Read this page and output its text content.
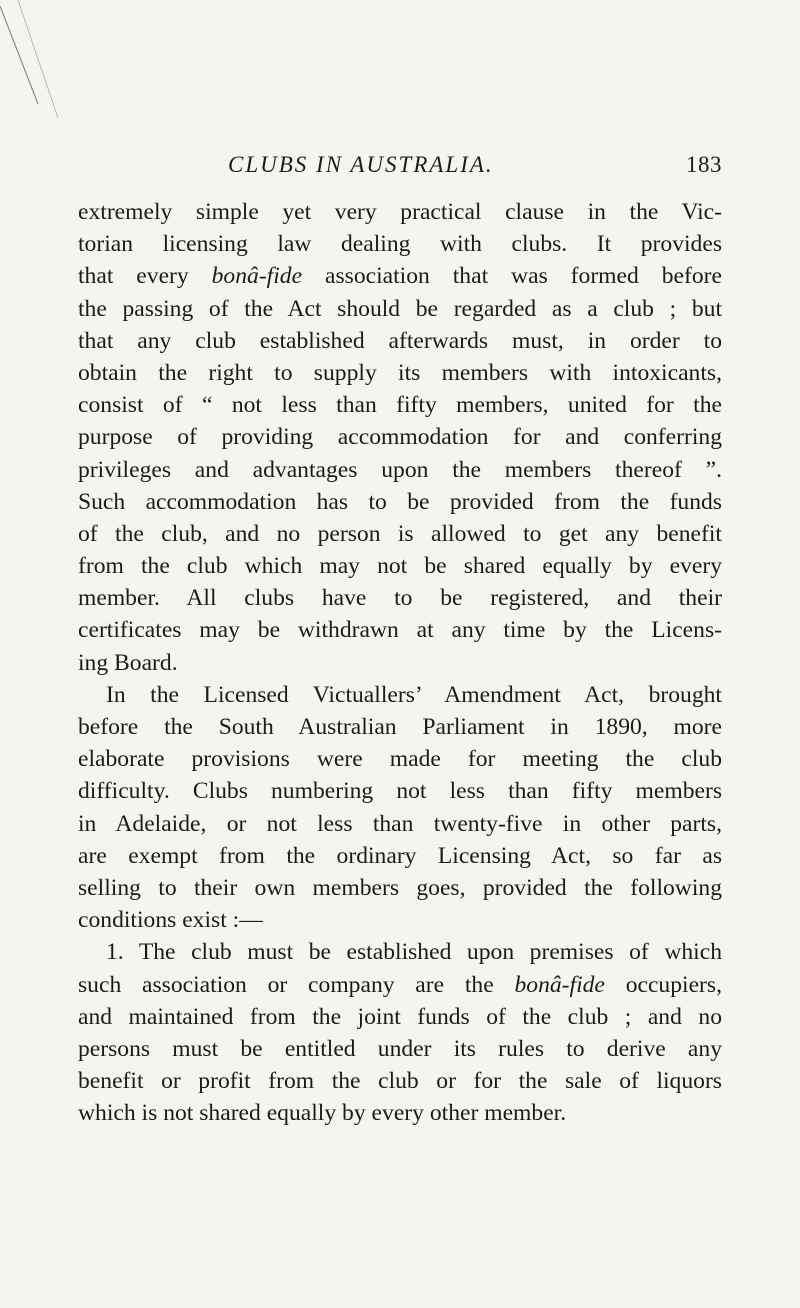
CLUBS IN AUSTRALIA.	183
extremely simple yet very practical clause in the Vic-
torian licensing law dealing with clubs. It provides
that every bonâ-fide association that was formed before
the passing of the Act should be regarded as a club ; but
that any club established afterwards must, in order to
obtain the right to supply its members with intoxicants,
consist of “ not less than fifty members, united for the
purpose of providing accommodation for and conferring
privileges and advantages upon the members thereof ”.
Such accommodation has to be provided from the funds
of the club, and no person is allowed to get any benefit
from the club which may not be shared equally by every
member. All clubs have to be registered, and their
certificates may be withdrawn at any time by the Licens-
ing Board.
In the Licensed Victuallers’ Amendment Act, brought
before the South Australian Parliament in 1890, more
elaborate provisions were made for meeting the club
difficulty. Clubs numbering not less than fifty members
in Adelaide, or not less than twenty-five in other parts,
are exempt from the ordinary Licensing Act, so far as
selling to their own members goes, provided the following
conditions exist :—
1. The club must be established upon premises of which
such association or company are the bonâ-fide occupiers,
and maintained from the joint funds of the club ; and no
persons must be entitled under its rules to derive any
benefit or profit from the club or for the sale of liquors
which is not shared equally by every other member.
